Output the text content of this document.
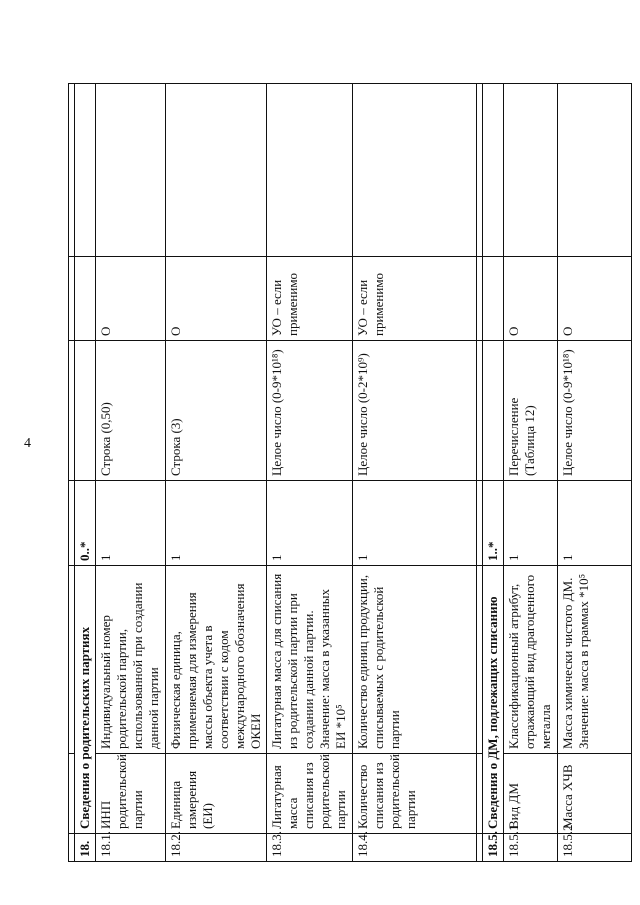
4

18.	Сведения о родительских партиях		0..*			
18.1.	ИНП родительской партии	Индивидуальный номер родительской партии, использованной при создании данной партии	1	Строка (0,50)	О	
18.2.	Единица измерения (ЕИ)	Физическая единица, применяемая для измерения массы объекта учета в соответствии с кодом международного обозначения ОКЕИ	1	Строка (3)	О	
18.3.	Лигатурная масса списания из родительской партии	Лигатурная масса для списания из родительской партии при создании данной партии.
Значение: масса в указанных ЕИ *10⁵	1	Целое число (0-9*10¹⁸)	УО – если применимо	
18.4.	Количество списания из родительской партии	Количество единиц продукции, списываемых с родительской партии	1	Целое число (0-2*10⁹)	УО – если применимо	

18.5.	Сведения о ДМ, подлежащих списанию		1..*			
18.5.1	Вид ДМ	Классификационный атрибут, отражающий вид драгоценного металла	1	Перечисление (Таблица 12)	О	
18.5.2	Масса ХЧВ	Масса химически чистого ДМ.
Значение: масса в граммах *10⁵	1	Целое число (0-9*10¹⁸)	О	
